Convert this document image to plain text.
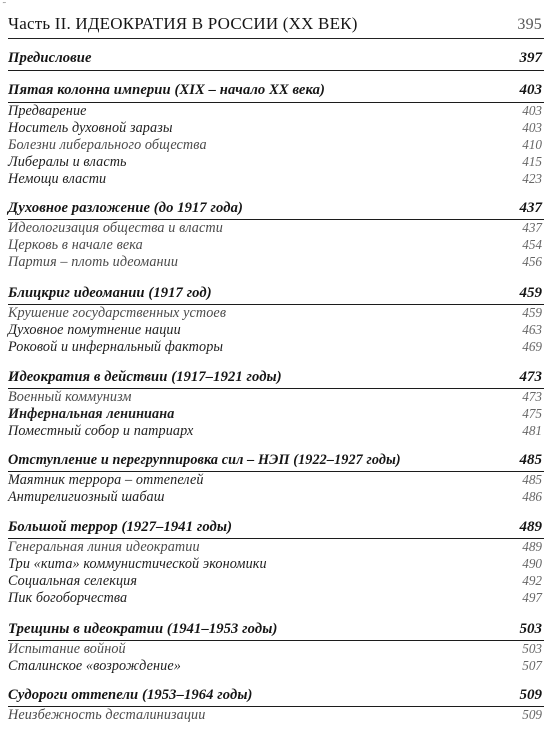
˜
Часть II. ИДЕОКРАТИЯ В РОССИИ (XX ВЕК)	395
Предисловие	397
Пятая колонна империи (XIX – начало XX века)	403
Предварение	403
Носитель духовной заразы	403
Болезни либерального общества	410
Либералы и власть	415
Немощи власти	423
Духовное разложение (до 1917 года)	437
Идеологизация общества и власти	437
Церковь в начале века	454
Партия – плоть идеомании	456
Блицкриг идеомании (1917 год)	459
Крушение государственных устоев	459
Духовное помутнение нации	463
Роковой и инфернальный факторы	469
Идеократия в действии (1917–1921 годы)	473
Военный коммунизм	473
Инфернальная лениниана	475
Поместный собор и патриарх	481
Отступление и перегруппировка сил – НЭП (1922–1927 годы)	485
Маятник террора – оттепелей	485
Антирелигиозный шабаш	486
Большой террор (1927–1941 годы)	489
Генеральная линия идеократии	489
Три «кита» коммунистической экономики	490
Социальная селекция	492
Пик богоборчества	497
Трещины в идеократии (1941–1953 годы)	503
Испытание войной	503
Сталинское «возрождение»	507
Судороги оттепели (1953–1964 годы)	509
Неизбежность десталинизации	509
